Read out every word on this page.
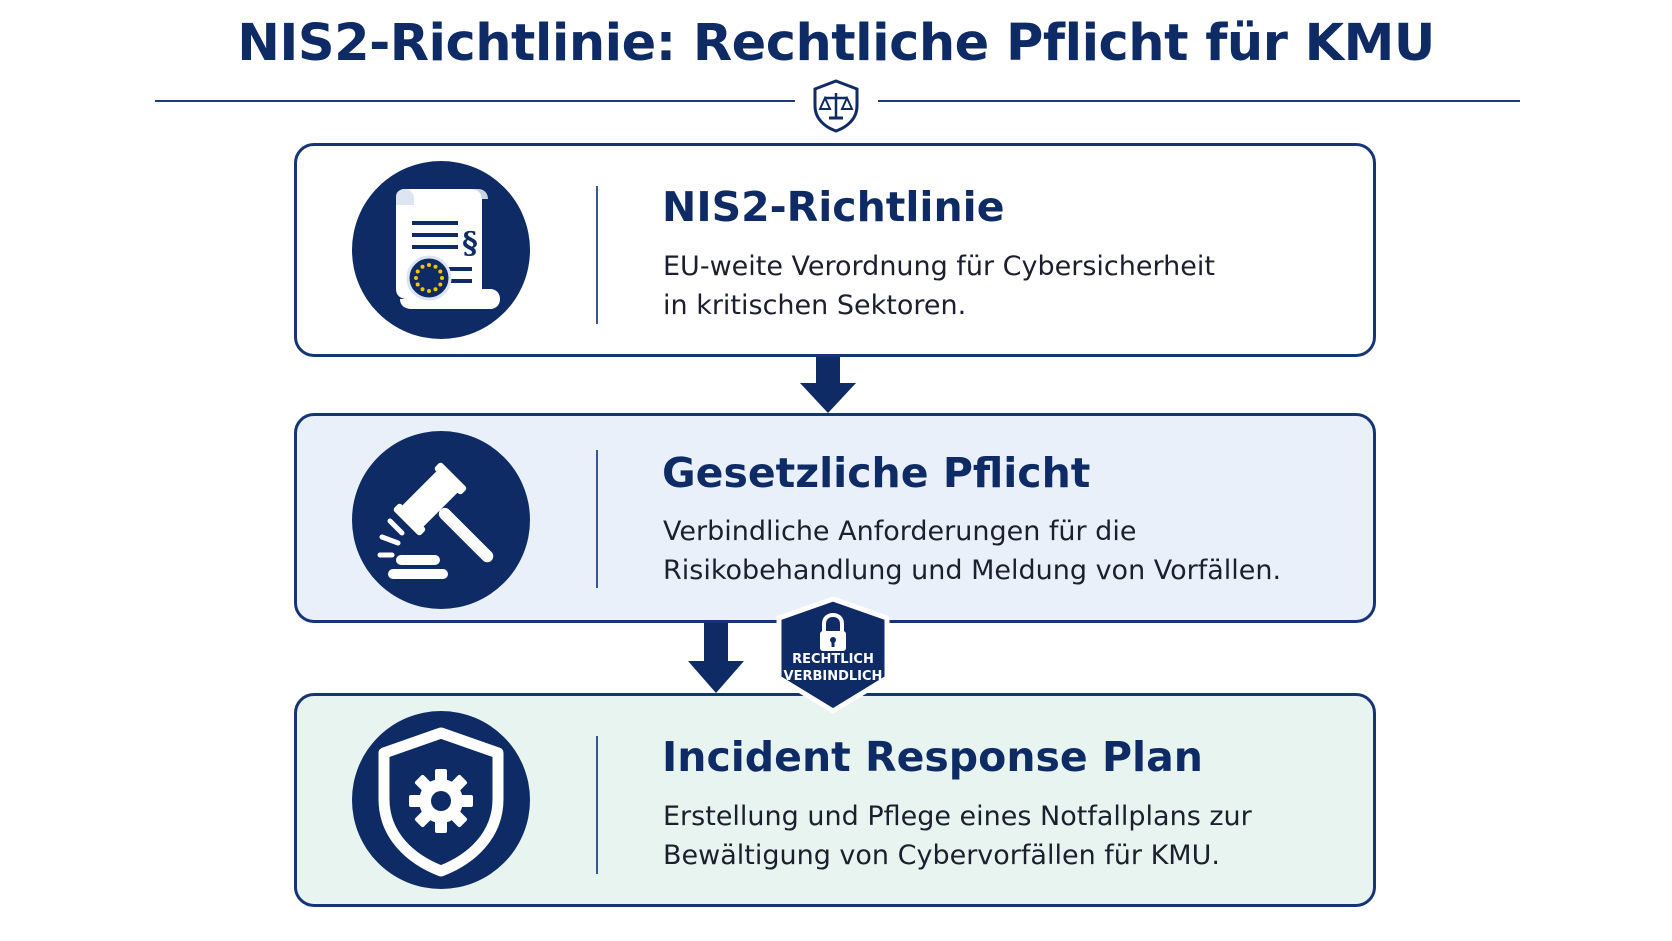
NIS2-Richtlinie: Rechtliche Pflicht für KMU
§
NIS2-Richtlinie

EU-weite Verordnung für Cybersicherheit
in kritischen Sektoren.

Gesetzliche Pflicht

Verbindliche Anforderungen für die
Risikobehandlung und Meldung von Vorfällen.

Incident Response Plan

Erstellung und Pflege eines Notfallplans zur
Bewältigung von Cybervorfällen für KMU.

RECHTLICH
VERBINDLICH
